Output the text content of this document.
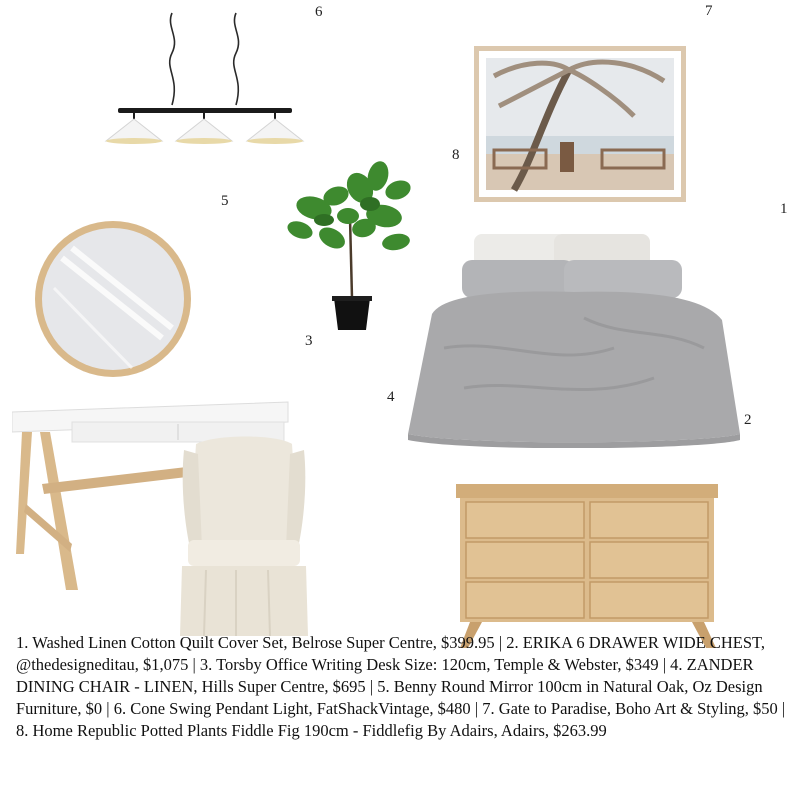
6	7
8
5	1
3
4
2
1. Washed Linen Cotton Quilt Cover Set, Belrose Super Centre, $399.95 | 2. ERIKA 6 DRAWER WIDE CHEST, @thedesigneditau, $1,075 | 3. Torsby Office Writing Desk Size: 120cm, Temple & Webster, $349 | 4. ZANDER DINING CHAIR - LINEN, Hills Super Centre, $695 | 5. Benny Round Mirror 100cm in Natural Oak, Oz Design Furniture, $0 | 6. Cone Swing Pendant Light, FatShackVintage, $480 | 7. Gate to Paradise, Boho Art & Styling, $50 | 8. Home Republic Potted Plants Fiddle Fig 190cm - Fiddlefig By Adairs, Adairs, $263.99
